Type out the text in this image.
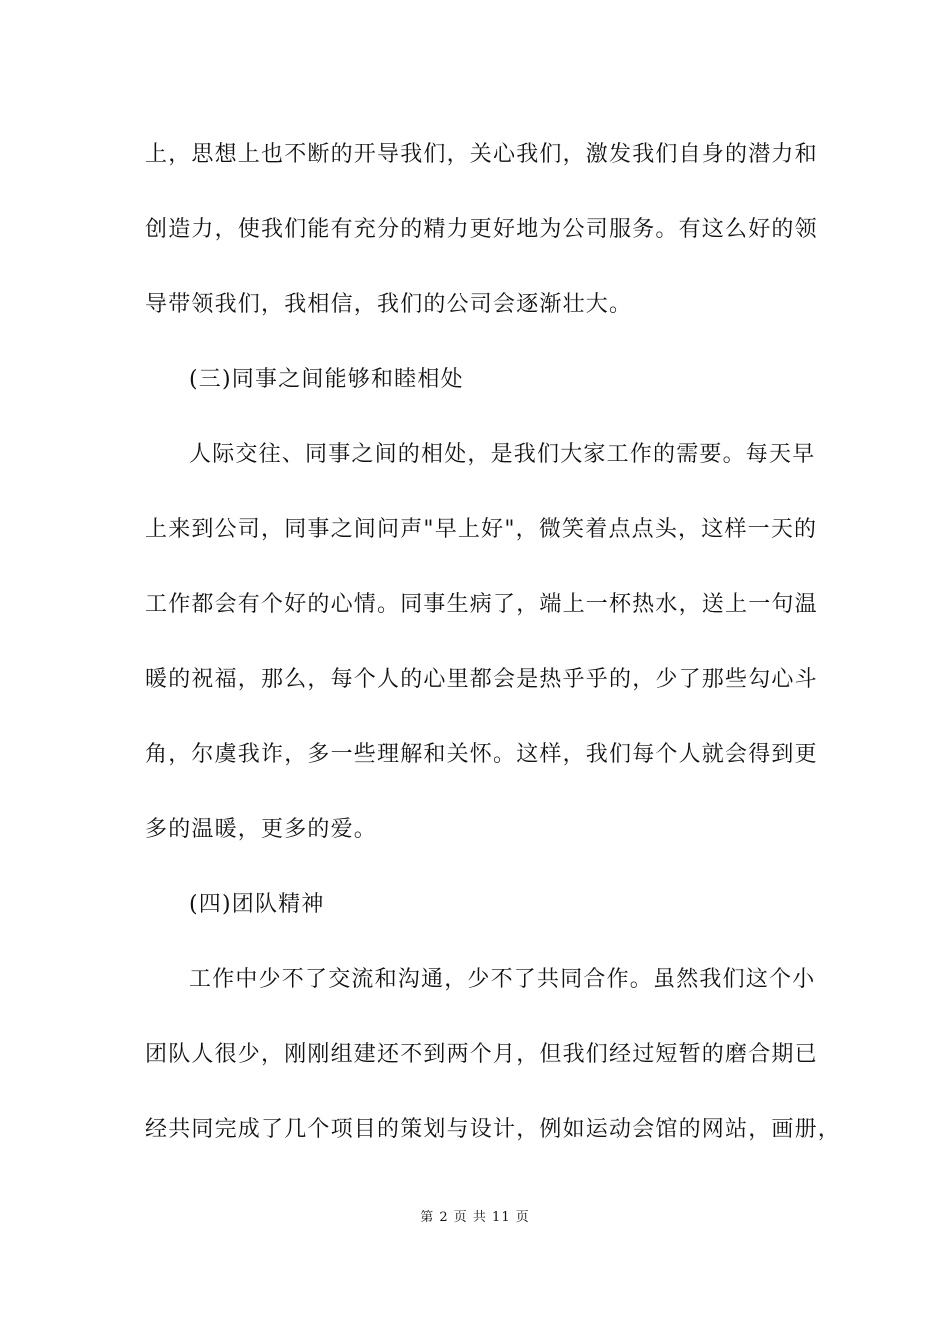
上，思想上也不断的开导我们，关心我们，激发我们自身的潜力和
创造力，使我们能有充分的精力更好地为公司服务。有这么好的领
导带领我们，我相信，我们的公司会逐渐壮大。
(三)同事之间能够和睦相处
人际交往、同事之间的相处，是我们大家工作的需要。每天早
上来到公司，同事之间问声"早上好"，微笑着点点头，这样一天的
工作都会有个好的心情。同事生病了，端上一杯热水，送上一句温
暖的祝福，那么，每个人的心里都会是热乎乎的，少了那些勾心斗
角，尔虞我诈，多一些理解和关怀。这样，我们每个人就会得到更
多的温暖，更多的爱。
(四)团队精神
工作中少不了交流和沟通，少不了共同合作。虽然我们这个小
团队人很少，刚刚组建还不到两个月，但我们经过短暂的磨合期已
经共同完成了几个项目的策划与设计，例如运动会馆的网站，画册，
第 2 页 共 11 页
